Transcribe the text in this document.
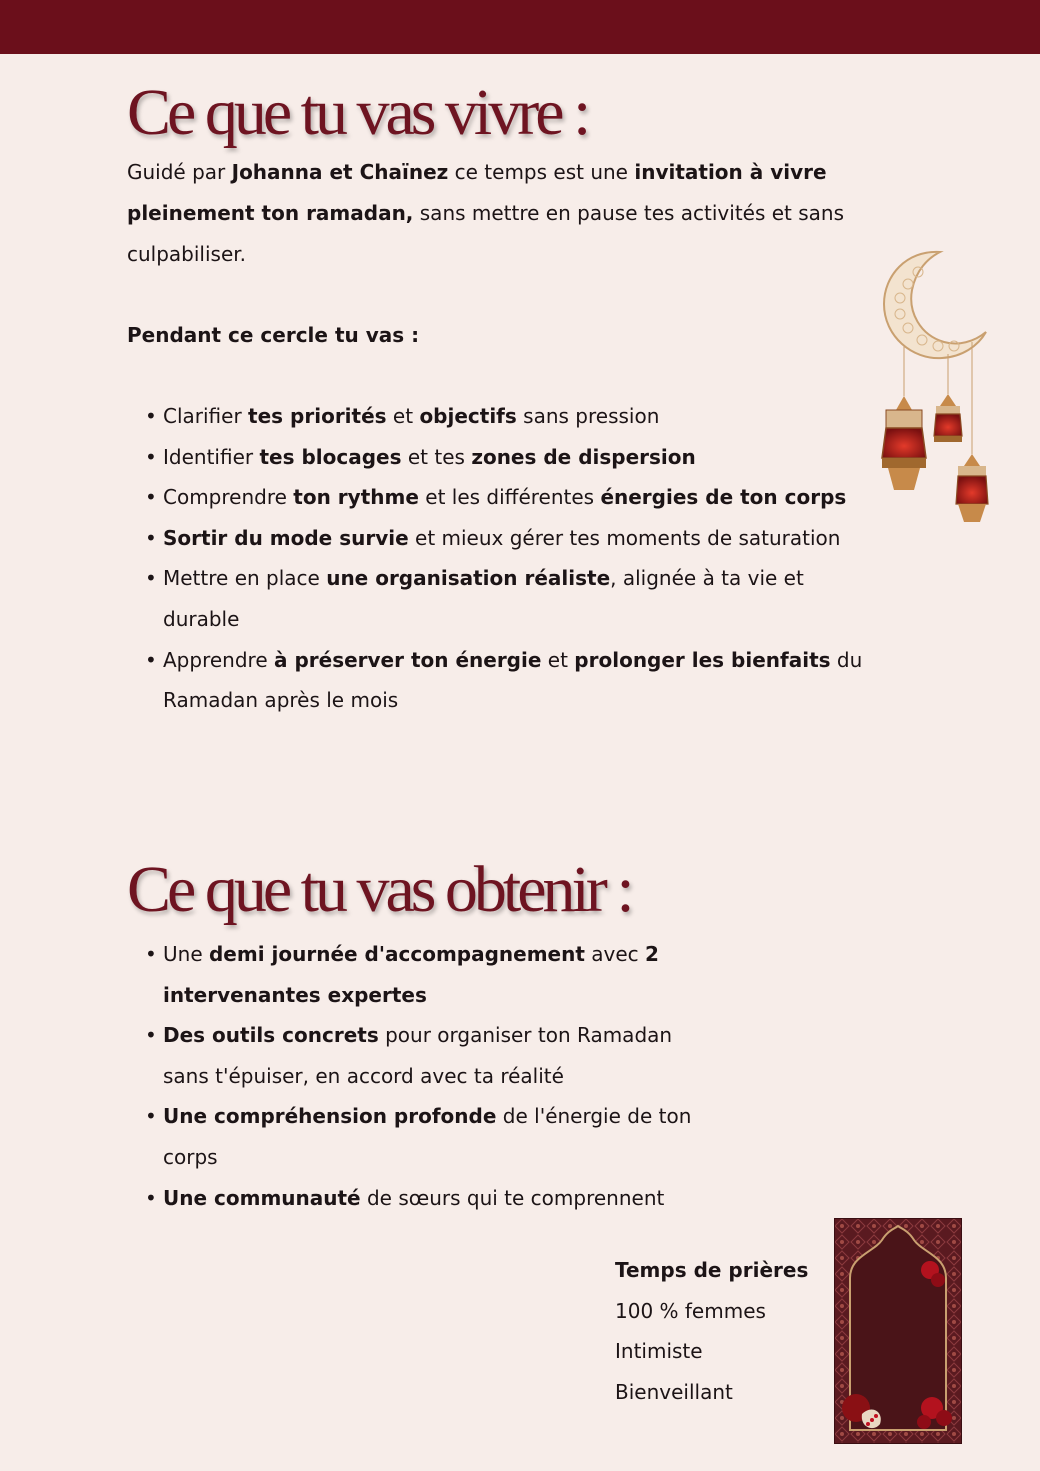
Ce que tu vas vivre :

Guidé par Johanna et Chaïnez ce temps est une invitation à vivre pleinement ton ramadan, sans mettre en pause tes activités et sans culpabiliser.

Pendant ce cercle tu vas :

• Clarifier tes priorités et objectifs sans pression
• Identifier tes blocages et tes zones de dispersion
• Comprendre ton rythme et les différentes énergies de ton corps
• Sortir du mode survie et mieux gérer tes moments de saturation
• Mettre en place une organisation réaliste, alignée à ta vie et durable
• Apprendre à préserver ton énergie et prolonger les bienfaits du Ramadan après le mois
Ce que tu vas obtenir :
• Une demi journée d'accompagnement avec 2 intervenantes expertes
• Des outils concrets pour organiser ton Ramadan sans t'épuiser, en accord avec ta réalité
• Une compréhension profonde de l'énergie de ton corps
• Une communauté de sœurs qui te comprennent
Temps de prières
100 % femmes
Intimiste
Bienveillant
